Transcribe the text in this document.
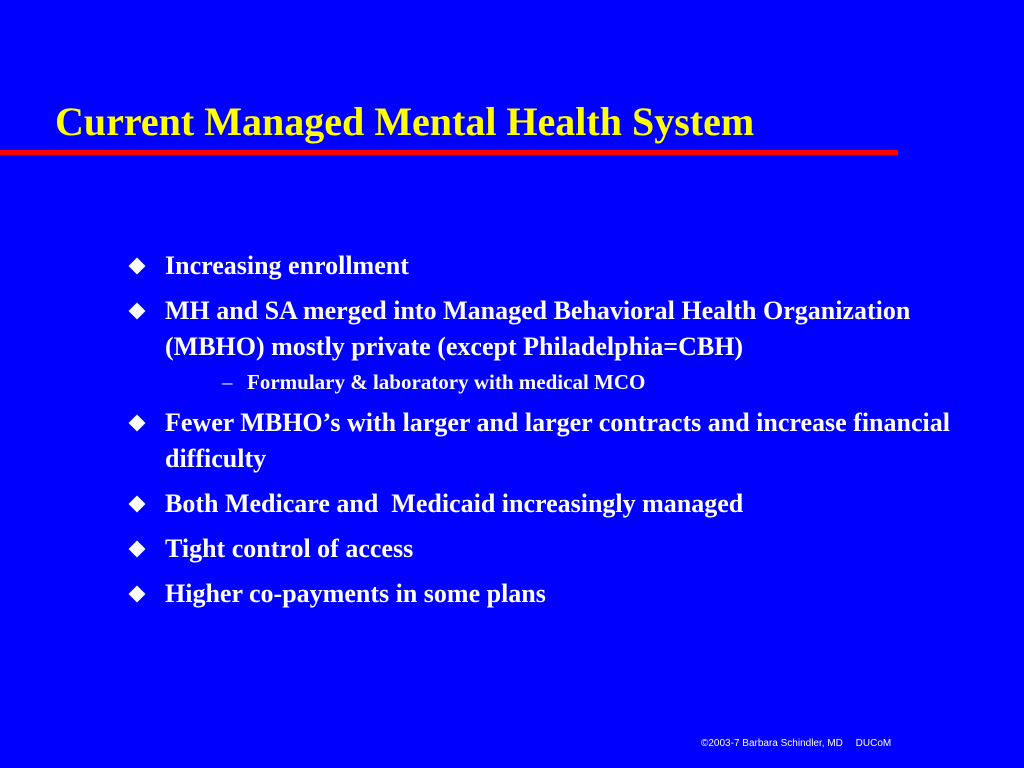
Current Managed Mental Health System
Increasing enrollment
MH and SA merged into Managed Behavioral Health Organization (MBHO) mostly private (except Philadelphia=CBH)
– Formulary & laboratory with medical MCO
Fewer MBHO’s with larger and larger contracts and increase financial difficulty
Both Medicare and  Medicaid increasingly managed
Tight control of access
Higher co-payments in some plans
©2003-7 Barbara Schindler, MD DUCoM
